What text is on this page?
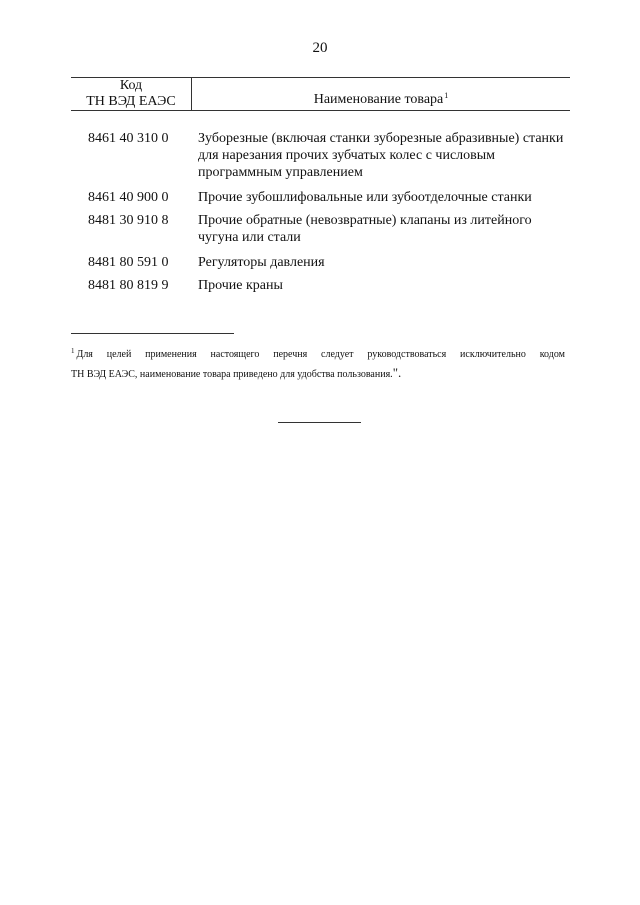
20
Код
ТН ВЭД ЕАЭС	Наименование товара$^1$
8461 40 310 0 Зуборезные (включая станки зуборезные абразивные) станки для нарезания прочих зубчатых колес с числовым программным управлением
8461 40 900 0 Прочие зубошлифовальные или зубоотделочные станки
8481 30 910 8 Прочие обратные (невозвратные) клапаны из литейного чугуна или стали
8481 80 591 0 Регуляторы давления
8481 80 819 9 Прочие краны
$^1$ Для целей применения настоящего перечня следует руководствоваться исключительно кодом
ТН ВЭД ЕАЭС, наименование товара приведено для удобства пользования.".
